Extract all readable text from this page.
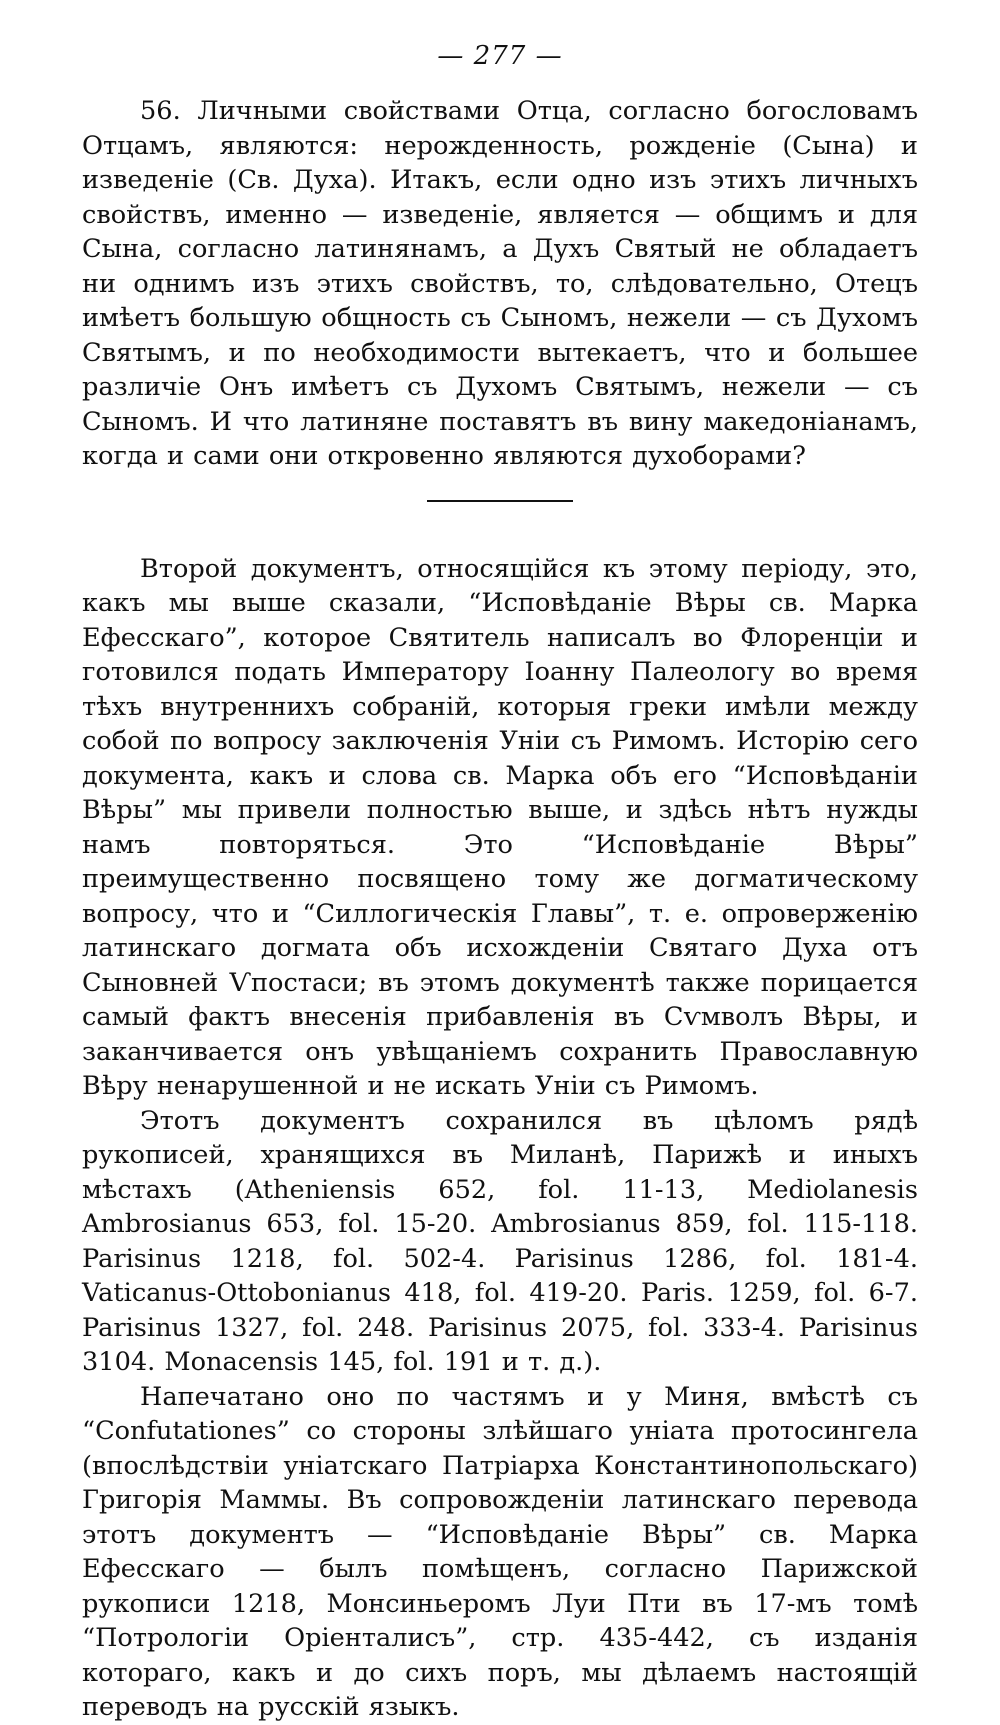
— 277 —

56. Личными свойствами Отца, согласно богословамъ Отцамъ, являются: нерожденность, рожденіе (Сына) и изведеніе (Св. Духа). Итакъ, если одно изъ этихъ личныхъ свойствъ, именно — изведеніе, является — общимъ и для Сына, согласно латинянамъ, а Духъ Святый не обладаетъ ни однимъ изъ этихъ свойствъ, то, слѣдовательно, Отецъ имѣетъ большую общность съ Сыномъ, нежели — съ Духомъ Святымъ, и по необходимости вытекаетъ, что и большее различіе Онъ имѣетъ съ Духомъ Святымъ, нежели — съ Сыномъ. И что латиняне поставятъ въ вину македоніанамъ, когда и сами они откровенно являются духоборами?

Второй документъ, относящійся къ этому періоду, это, какъ мы выше сказали, “Исповѣданіе Вѣры св. Марка Ефесскаго”, которое Святитель написалъ во Флоренціи и готовился подать Императору Іоанну Палеологу во время тѣхъ внутреннихъ собраній, которыя греки имѣли между собой по вопросу заключенія Уніи съ Римомъ. Исторію сего документа, какъ и слова св. Марка объ его “Исповѣданіи Вѣры” мы привели полностью выше, и здѣсь нѣтъ нужды намъ повторяться. Это “Исповѣданіе Вѣры” преимущественно посвящено тому же догматическому вопросу, что и “Силлогическія Главы”, т. е. опроверженію латинскаго догмата объ исхожденіи Святаго Духа отъ Сыновней Ѵпостаси; въ этомъ документѣ также порицается самый фактъ внесенія прибавленія въ Сѵмволъ Вѣры, и заканчивается онъ увѣщаніемъ сохранить Православную Вѣру ненарушенной и не искать Уніи съ Римомъ.

Этотъ документъ сохранился въ цѣломъ рядѣ рукописей, хранящихся въ Миланѣ, Парижѣ и иныхъ мѣстахъ (Atheniensis 652, fol. 11-13, Mediolanesis Ambrosianus 653, fol. 15-20. Ambrosianus 859, fol. 115-118. Parisinus 1218, fol. 502-4. Parisinus 1286, fol. 181-4. Vaticanus-Ottobonianus 418, fol. 419-20. Paris. 1259, fol. 6-7. Parisinus 1327, fol. 248. Parisinus 2075, fol. 333-4. Parisinus 3104. Monacensis 145, fol. 191 и т. д.).

Напечатано оно по частямъ и у Миня, вмѣстѣ съ “Confutationes” со стороны злѣйшаго уніата протосингела (впослѣдствіи уніатскаго Патріарха Константинопольскаго) Григорія Маммы. Въ сопровожденіи латинскаго перевода этотъ документъ — “Исповѣданіе Вѣры” св. Марка Ефесскаго — былъ помѣщенъ, согласно Парижской рукописи 1218, Монсиньеромъ Луи Пти въ 17-мъ томѣ “Потрологіи Оріенталисъ”, стр. 435-442, съ изданія котораго, какъ и до сихъ поръ, мы дѣлаемъ настоящій переводъ на русскій языкъ.
